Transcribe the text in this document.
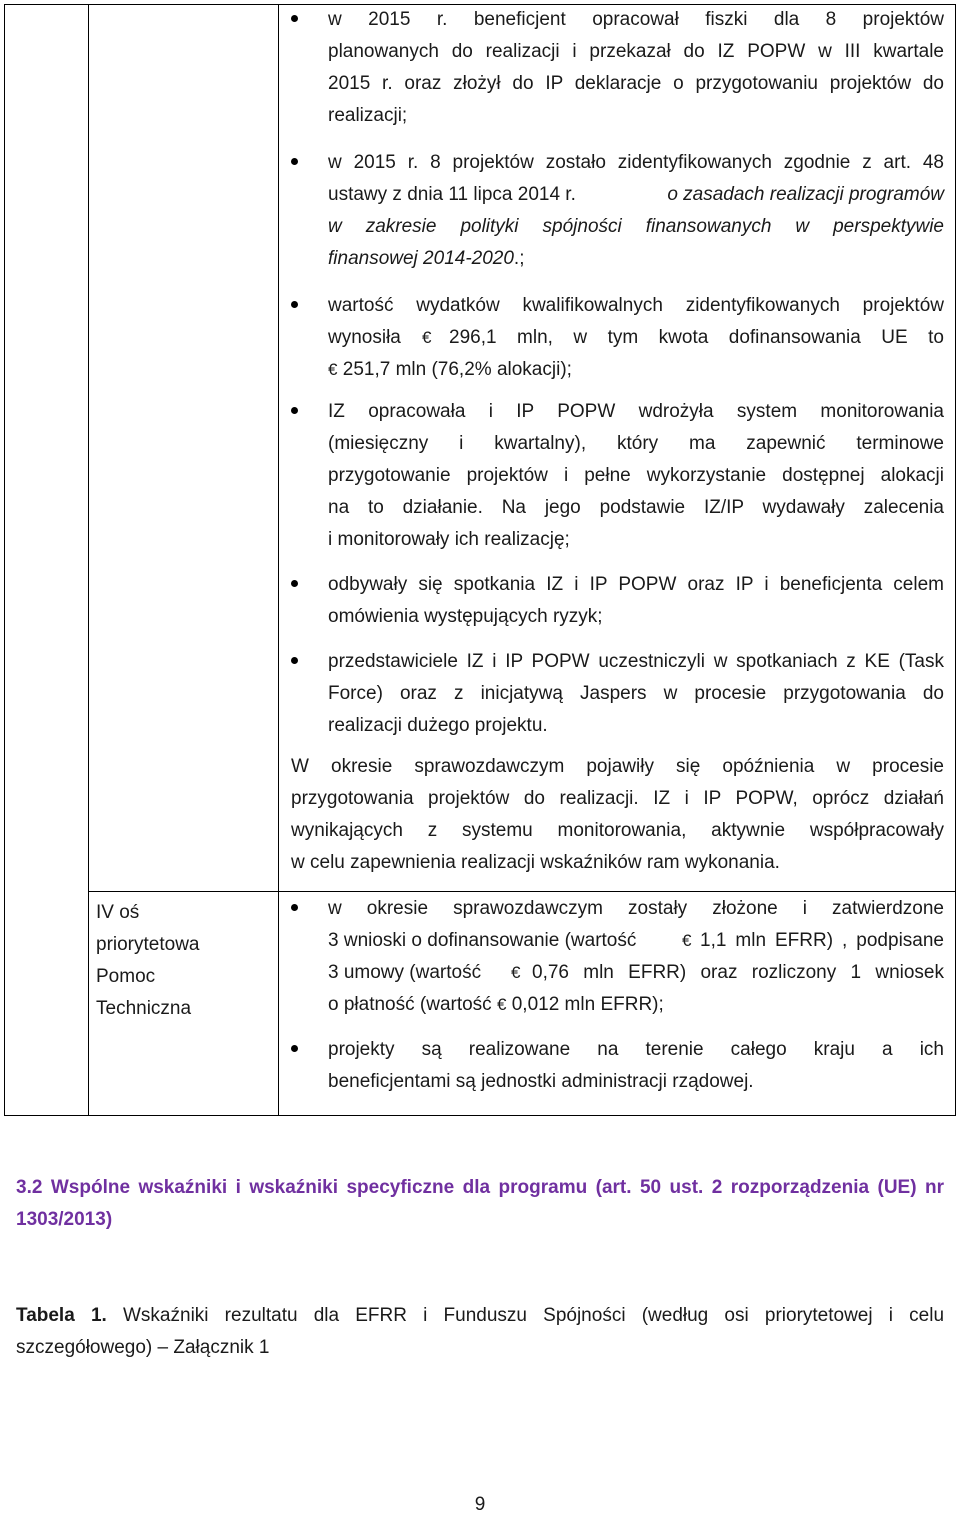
IV oś
priorytetowa
Pomoc
Techniczna
w 2015 r. beneficjent opracował fiszki dla 8 projektów
planowanych do realizacji i przekazał do IZ POPW w III kwartale
2015 r. oraz złożył do IP deklaracje o przygotowaniu projektów do
realizacji;
w 2015 r. 8 projektów zostało zidentyfikowanych zgodnie z art. 48
ustawy z dnia 11 lipca 2014 r.	o zasadach realizacji programów
w zakresie polityki spójności finansowanych w perspektywie
finansowej 2014-2020.;
wartość wydatków kwalifikowalnych zidentyfikowanych projektów
wynosiła € 296,1 mln, w tym kwota dofinansowania UE to
€ 251,7 mln (76,2% alokacji);
IZ opracowała i IP POPW wdrożyła system monitorowania
(miesięczny i kwartalny), który ma zapewnić terminowe
przygotowanie projektów i pełne wykorzystanie dostępnej alokacji
na to działanie. Na jego podstawie IZ/IP wydawały zalecenia
i monitorowały ich realizację;
odbywały się spotkania IZ i IP POPW oraz IP i beneficjenta celem
omówienia występujących ryzyk;
przedstawiciele IZ i IP POPW uczestniczyli w spotkaniach z KE (Task
Force) oraz z inicjatywą Jaspers w procesie przygotowania do
realizacji dużego projektu.
W okresie sprawozdawczym pojawiły się opóźnienia w procesie
przygotowania projektów do realizacji. IZ i IP POPW, oprócz działań
wynikających z systemu monitorowania, aktywnie współpracowały
w celu zapewnienia realizacji wskaźników ram wykonania.
w okresie sprawozdawczym zostały złożone i zatwierdzone
3 wnioski o dofinansowanie (wartość	€ 1,1 mln EFRR) , podpisane
3 umowy (wartość € 0,76 mln EFRR) oraz rozliczony 1 wniosek
o płatność (wartość € 0,012 mln EFRR);
projekty są realizowane na terenie całego kraju a ich
beneficjentami są jednostki administracji rządowej.
3.2 Wspólne wskaźniki i wskaźniki specyficzne dla programu (art. 50 ust. 2 rozporządzenia (UE) nr
1303/2013)
Tabela 1. Wskaźniki rezultatu dla EFRR i Funduszu Spójności (według osi priorytetowej i celu
szczegółowego) – Załącznik 1
9
